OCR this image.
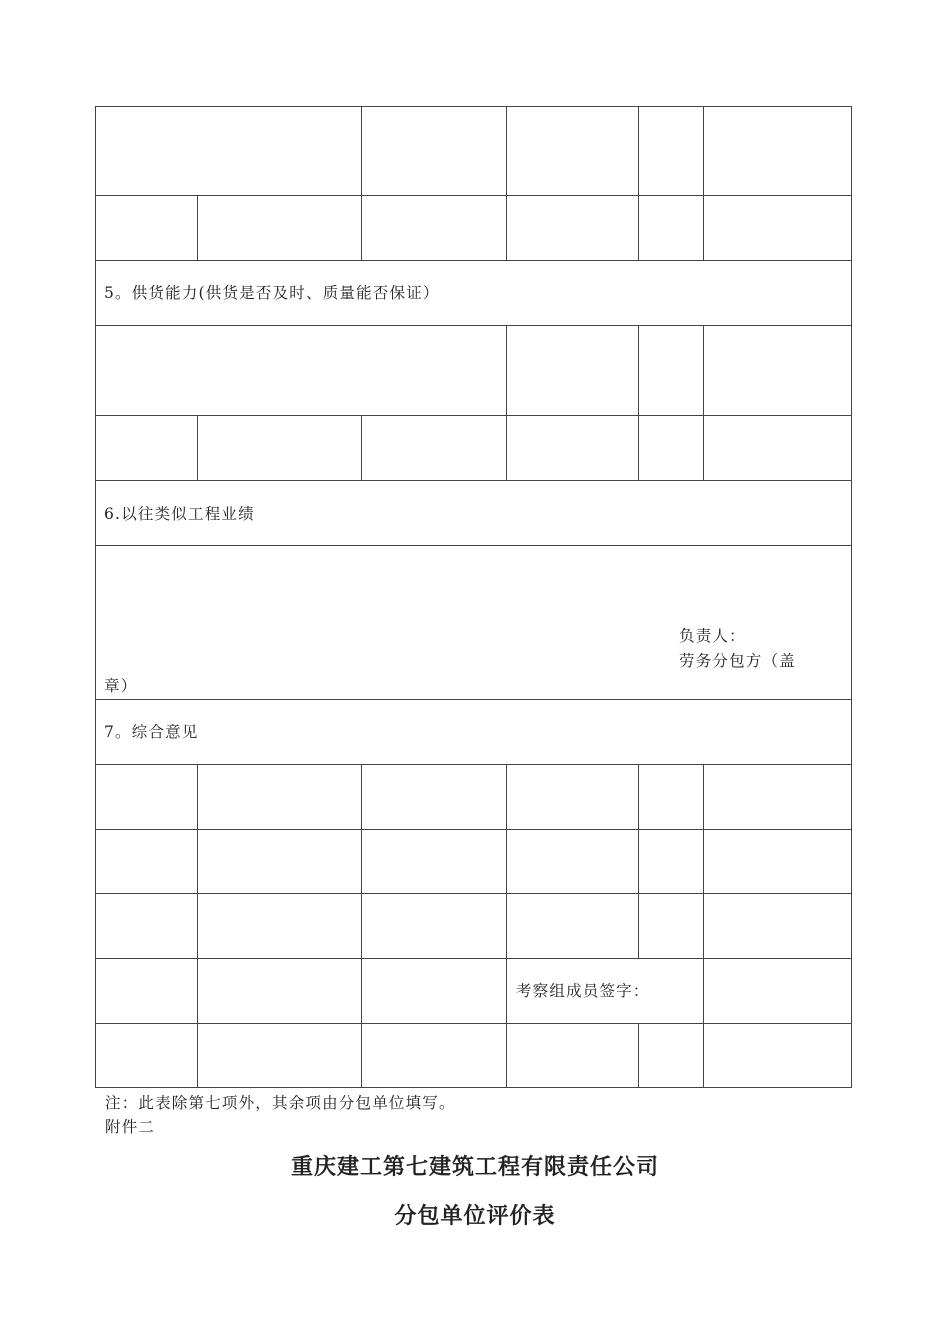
5。供货能力(供货是否及时、质量能否保证）
6.以往类似工程业绩
负责人：
劳务分包方（盖
章）
7。综合意见
考察组成员签字：
注：此表除第七项外，其余项由分包单位填写。
附件二
重庆建工第七建筑工程有限责任公司
分包单位评价表
